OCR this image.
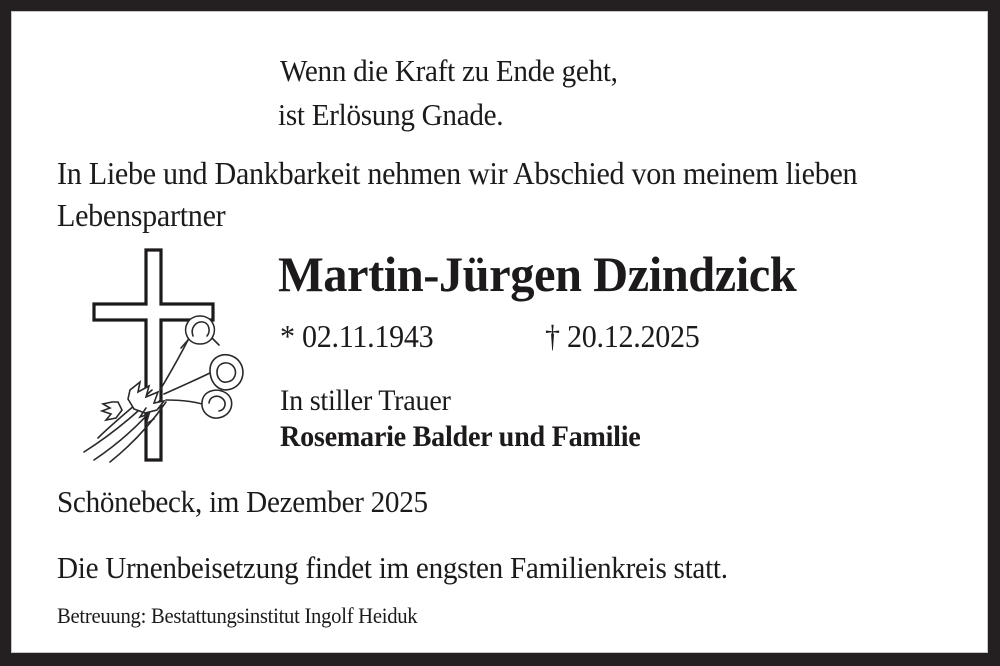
Wenn die Kraft zu Ende geht,
ist Erlösung Gnade.
In Liebe und Dankbarkeit nehmen wir Abschied von meinem lieben
Lebenspartner
Martin-Jürgen Dzindzick
* 02.11.1943	† 20.12.2025
In stiller Trauer
Rosemarie Balder und Familie
Schönebeck, im Dezember 2025
Die Urnenbeisetzung findet im engsten Familienkreis statt.
Betreuung: Bestattungsinstitut Ingolf Heiduk
